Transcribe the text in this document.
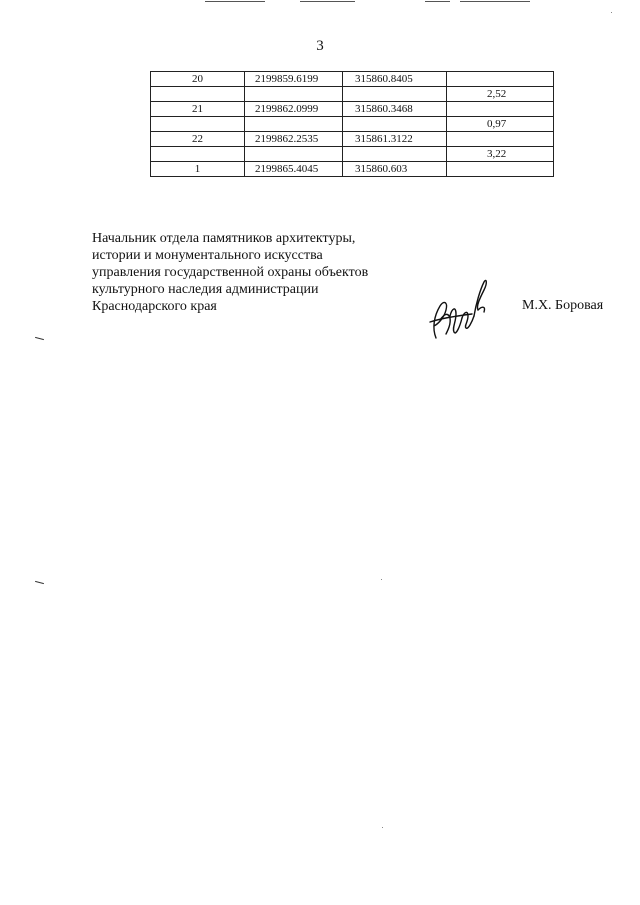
3
20	2199859.6199	315860.8405	
			2,52
21	2199862.0999	315860.3468	
			0,97
22	2199862.2535	315861.3122	
			3,22
1	2199865.4045	315860.603	
Начальник отдела памятников архитектуры,
истории и монументального искусства
управления государственной охраны объектов
культурного наследия администрации
Краснодарского края	М.Х. Боровая
